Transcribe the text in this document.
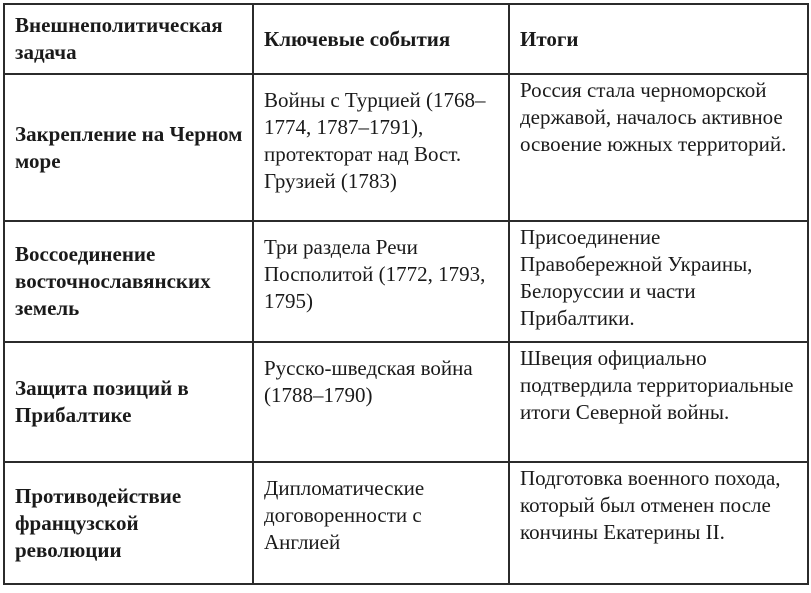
Внешнеполитическая задача	Ключевые события	Итоги
Закрепление на Черном море	Войны с Турцией (1768–1774, 1787–1791), протекторат над Вост. Грузией (1783)	Россия стала черноморской державой, началось активное освоение южных территорий.
Воссоединение восточнославянских земель	Три раздела Речи Посполитой (1772, 1793, 1795)	Присоединение Правобережной Украины, Белоруссии и части Прибалтики.
Защита позиций в Прибалтике	Русско-шведская война (1788–1790)	Швеция официально подтвердила территориальные итоги Северной войны.
Противодействие французской революции	Дипломатические договоренности с Англией	Подготовка военного похода, который был отменен после кончины Екатерины II.
